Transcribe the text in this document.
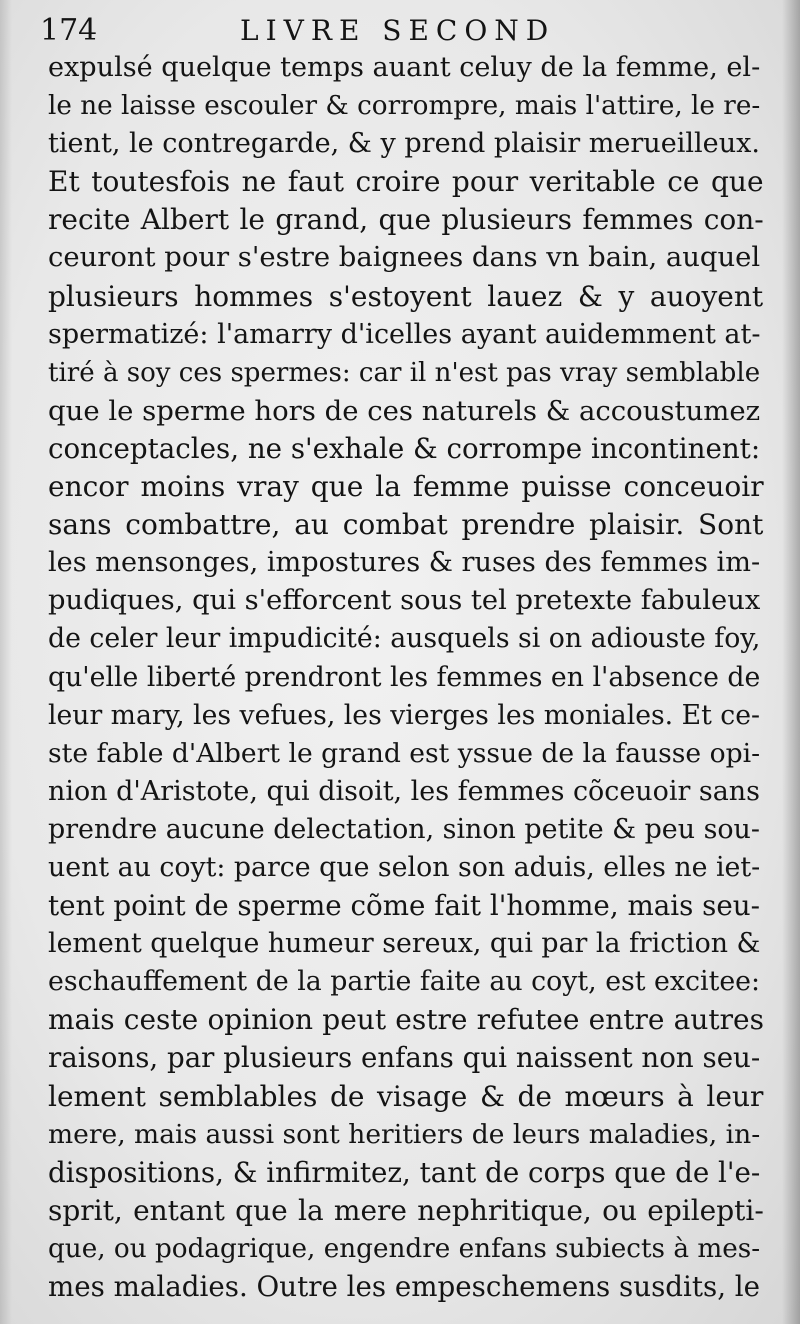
174	LIVRE SECOND
expulsé quelque temps auant celuy de la femme, el-
le ne laisse escouler & corrompre, mais l'attire, le re-
tient, le contregarde, & y prend plaisir merueilleux.
Et toutesfois ne faut croire pour veritable ce que
recite Albert le grand, que plusieurs femmes con-
ceuront pour s'estre baignees dans vn bain, auquel
plusieurs hommes s'estoyent lauez & y auoyent
spermatizé: l'amarry d'icelles ayant auidemment at-
tiré à soy ces spermes: car il n'est pas vray semblable
que le sperme hors de ces naturels & accoustumez
conceptacles, ne s'exhale & corrompe incontinent:
encor moins vray que la femme puisse conceuoir
sans combattre, au combat prendre plaisir. Sont
les mensonges, impostures & ruses des femmes im-
pudiques, qui s'efforcent sous tel pretexte fabuleux
de celer leur impudicité: ausquels si on adiouste foy,
qu'elle liberté prendront les femmes en l'absence de
leur mary, les vefues, les vierges les moniales. Et ce-
ste fable d'Albert le grand est yssue de la fausse opi-
nion d'Aristote, qui disoit, les femmes cõceuoir sans
prendre aucune delectation, sinon petite & peu sou-
uent au coyt: parce que selon son aduis, elles ne iet-
tent point de sperme cõme fait l'homme, mais seu-
lement quelque humeur sereux, qui par la friction &
eschauffement de la partie faite au coyt, est excitee:
mais ceste opinion peut estre refutee entre autres
raisons, par plusieurs enfans qui naissent non seu-
lement semblables de visage & de mœurs à leur
mere, mais aussi sont heritiers de leurs maladies, in-
dispositions, & infirmitez, tant de corps que de l'e-
sprit, entant que la mere nephritique, ou epilepti-
que, ou podagrique, engendre enfans subiects à mes-
mes maladies. Outre les empeschemens susdits, le
